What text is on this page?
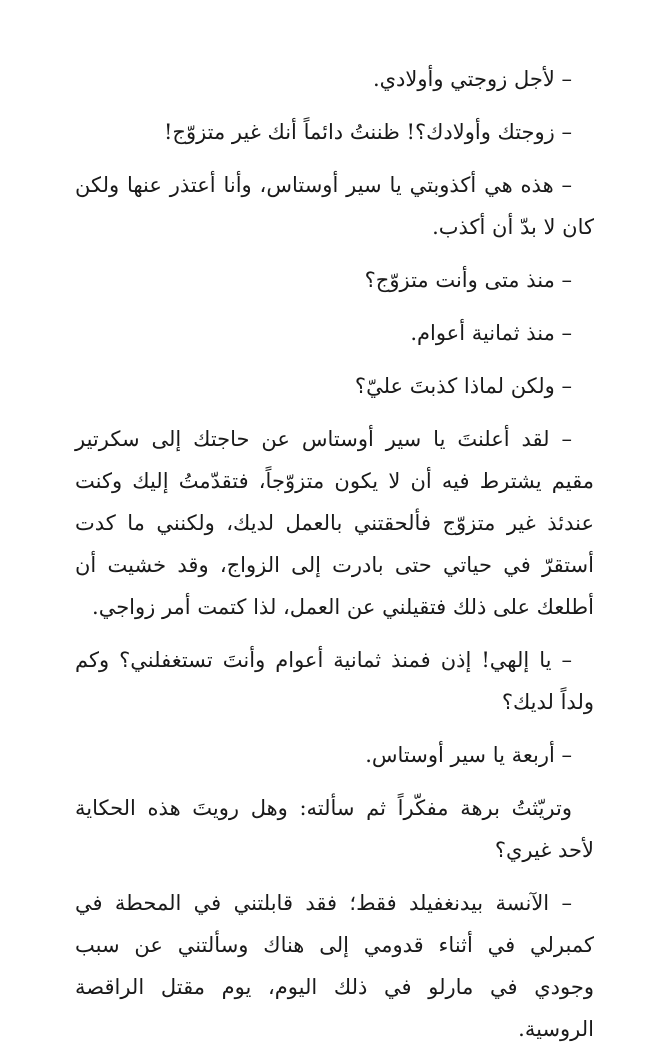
– لأجل زوجتي وأولادي.

– زوجتك وأولادك؟! ظننتُ دائماً أنك غير متزوّج!

– هذه هي أكذوبتي يا سير أوستاس، وأنا أعتذر عنها ولكن كان لا بدّ أن أكذب.

– منذ متى وأنت متزوّج؟

– منذ ثمانية أعوام.

– ولكن لماذا كذبتَ عليّ؟

– لقد أعلنتَ يا سير أوستاس عن حاجتك إلى سكرتير مقيم يشترط فيه أن لا يكون متزوّجاً، فتقدّمتُ إليك وكنت عندئذ غير متزوّج فألحقتني بالعمل لديك، ولكنني ما كدت أستقرّ في حياتي حتى بادرت إلى الزواج، وقد خشيت أن أطلعك على ذلك فتقيلني عن العمل، لذا كتمت أمر زواجي.

– يا إلهي! إذن فمنذ ثمانية أعوام وأنتَ تستغفلني؟ وكم ولداً لديك؟

– أربعة يا سير أوستاس.

وتريّثتُ برهة مفكّراً ثم سألته: وهل رويتَ هذه الحكاية لأحد غيري؟

– الآنسة بيدنغفيلد فقط؛ فقد قابلتني في المحطة في كمبرلي في أثناء قدومي إلى هناك وسألتني عن سبب وجودي في مارلو في ذلك اليوم، يوم مقتل الراقصة الروسية.
